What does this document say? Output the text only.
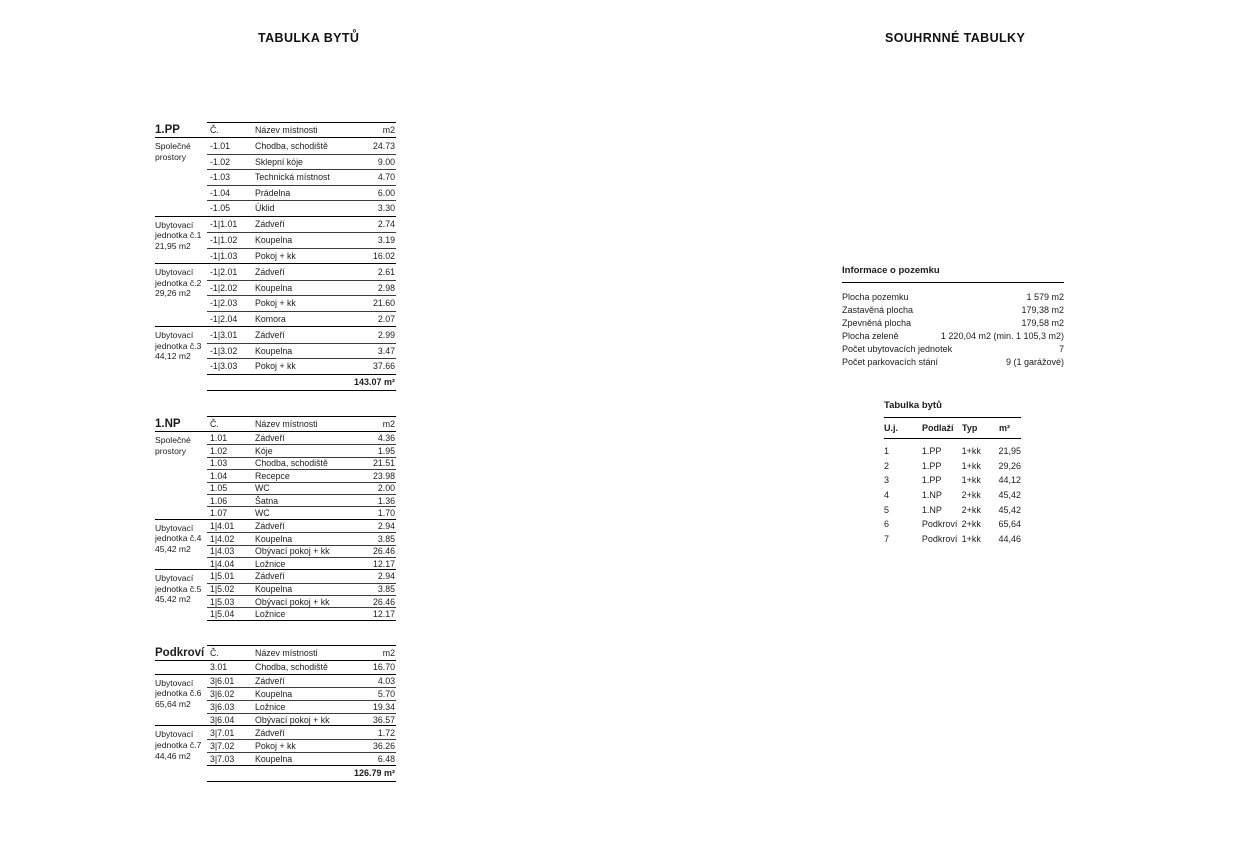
TABULKA BYTŮ	SOUHRNNÉ TABULKY
1.PP	Č.	Název místnosti	m2
Společné
prostory
-1.01	Chodba, schodiště	24.73
-1.02	Sklepní kóje	9.00
-1.03	Technická místnost	4.70
-1.04	Prádelna	6.00
-1.05	Úklid	3.30
Ubytovací
jednotka č.1
21,95 m2
-1|1.01	Zádveří	2.74
-1|1.02	Koupelna	3.19
-1|1.03	Pokoj + kk	16.02
Ubytovací
jednotka č.2
29,26 m2
-1|2.01	Zádveří	2.61
-1|2.02	Koupelna	2.98
-1|2.03	Pokoj + kk	21.60
-1|2.04	Komora	2.07
Ubytovací
jednotka č.3
44,12 m2
-1|3.01	Zádveří	2.99
-1|3.02	Koupelna	3.47
-1|3.03	Pokoj + kk	37.66
143.07 m²
1.NP	Č.	Název místnosti	m2
Společné
prostory
1.01	Zádveří	4.36
1.02	Kóje	1.95
1.03	Chodba, schodiště	21.51
1.04	Recepce	23.98
1.05	WC	2.00
1.06	Šatna	1.36
1.07	WC	1.70
Ubytovací
jednotka č.4
45,42 m2
1|4.01	Zádveří	2.94
1|4.02	Koupelna	3.85
1|4.03	Obývací pokoj + kk	26.46
1|4.04	Ložnice	12.17
Ubytovací
jednotka č.5
45,42 m2
1|5.01	Zádveří	2.94
1|5.02	Koupelna	3.85
1|5.03	Obývací pokoj + kk	26.46
1|5.04	Ložnice	12.17
Podkroví Č.	Název místnosti	m2
3.01	Chodba, schodiště	16.70
Ubytovací
jednotka č.6
65,64 m2
3|6.01	Zádveří	4.03
3|6.02	Koupelna	5.70
3|6.03	Ložnice	19.34
3|6.04	Obývací pokoj + kk	36.57
Ubytovací
jednotka č.7
44,46 m2
3|7.01	Zádveří	1.72
3|7.02	Pokoj + kk	36.26
3|7.03	Koupelna	6.48
126.79 m²
Informace o pozemku
Plocha pozemku	1 579 m2
Zastavěná plocha	179,38 m2
Zpevněná plocha	179,58 m2
Plocha zeleně	1 220,04 m2 (min. 1 105,3 m2)
Počet ubytovacích jednotek	7
Počet parkovacích stání	9 (1 garážové)
Tabulka bytů
U.j.	Podlaží Typ	m²
1	1.PP	1+kk	21,95
2	1.PP	1+kk	29,26
3	1.PP	1+kk	44,12
4	1.NP	2+kk	45,42
5	1.NP	2+kk	45,42
6	Podkroví 2+kk	65,64
7	Podkroví 1+kk	44,46
